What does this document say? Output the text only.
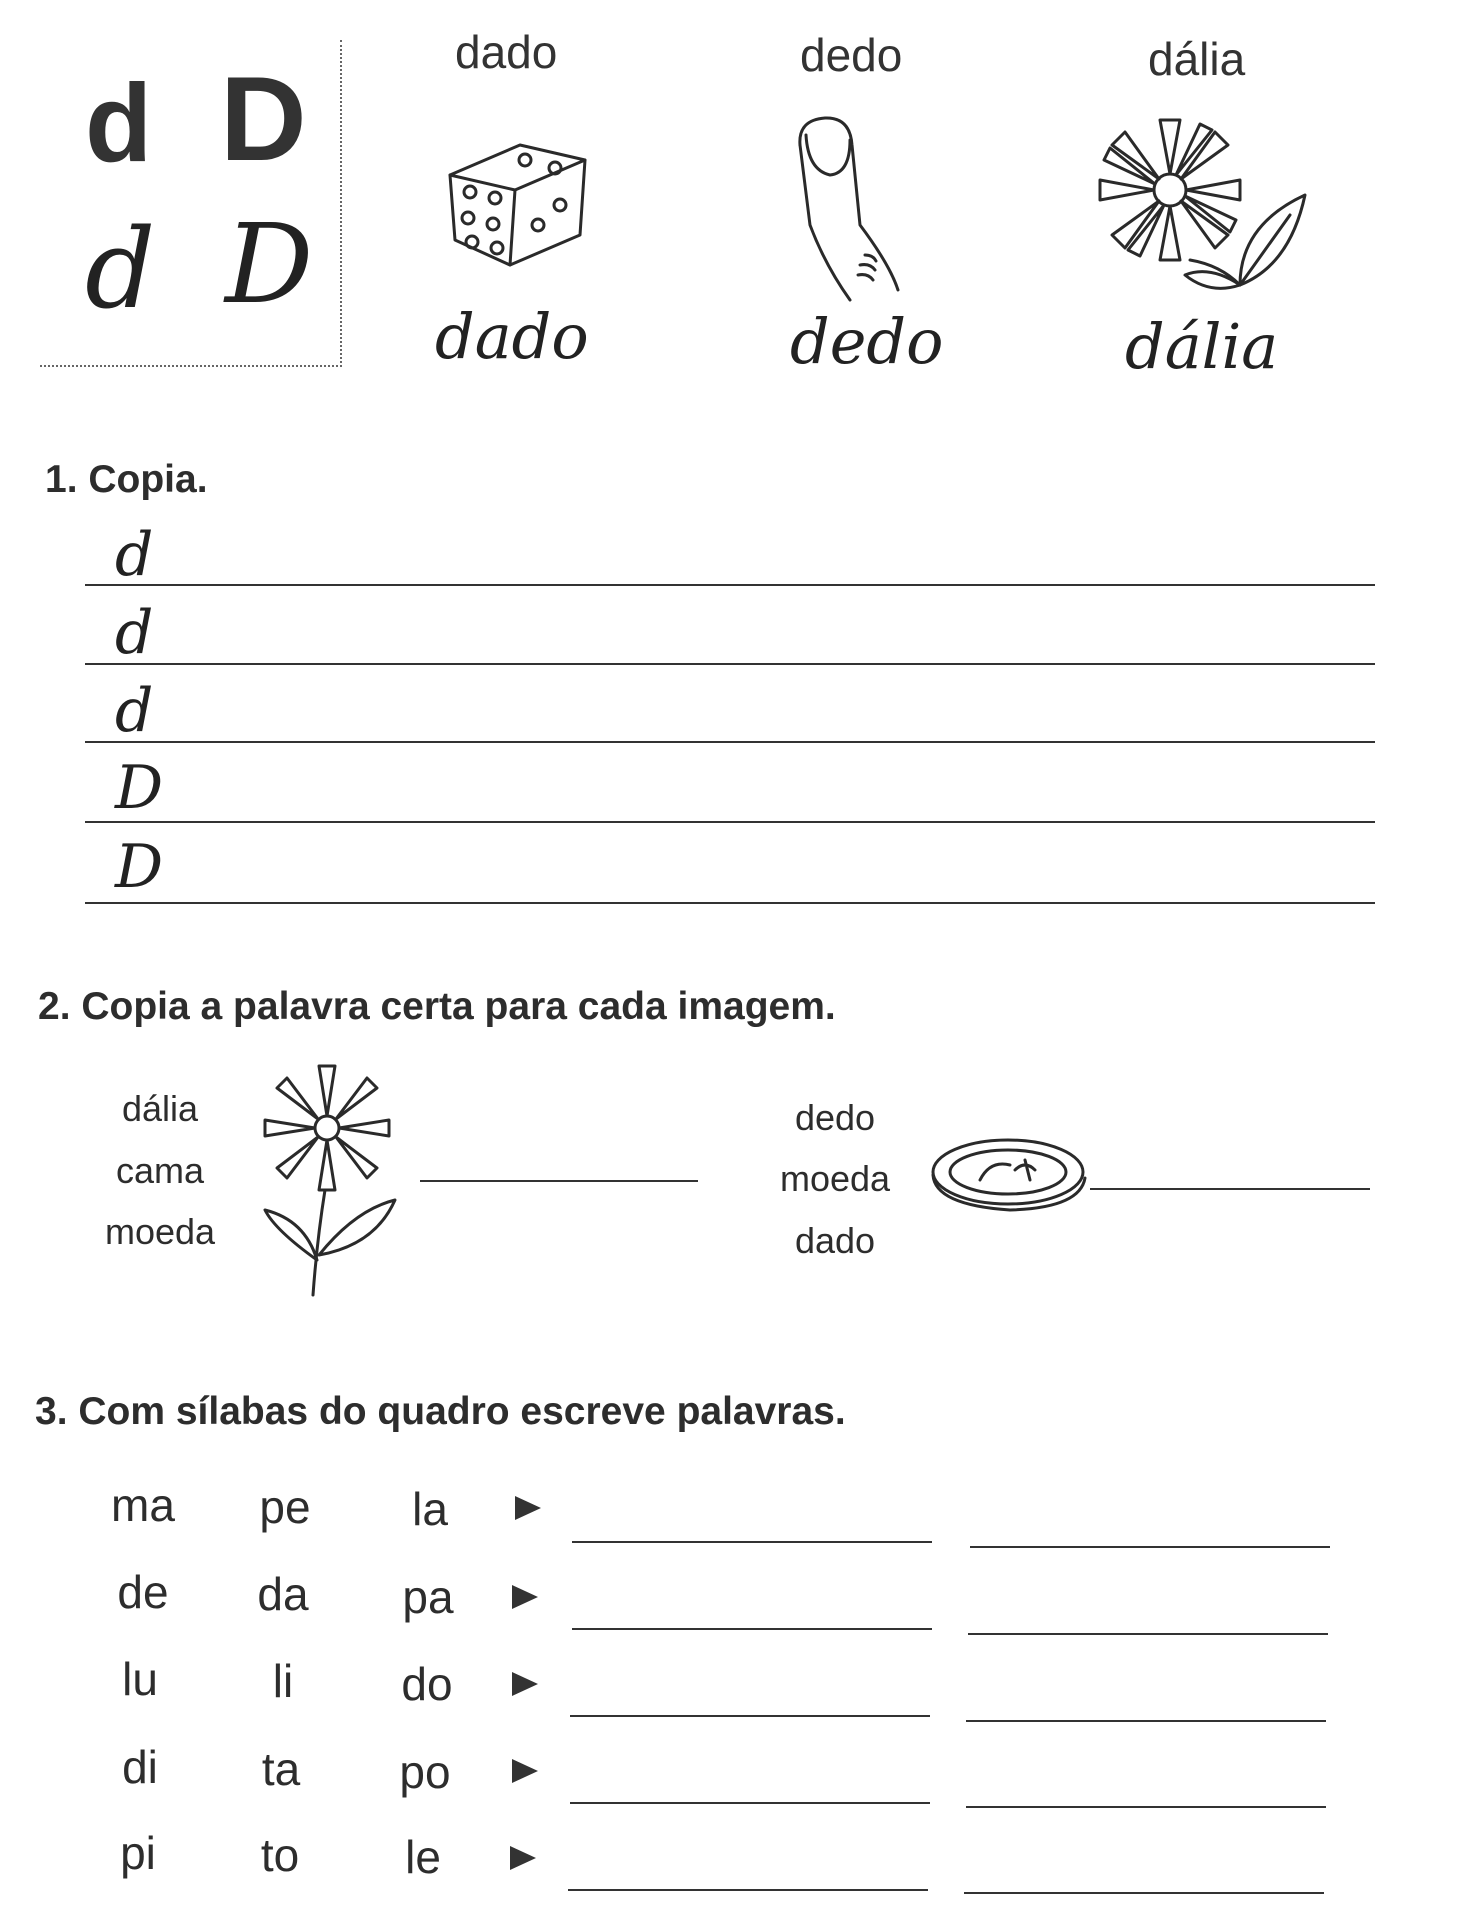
d D
d D
dado	dedo	dália
dado	dedo	dália
1. Copia.
d
d
d
D
D
2. Copia a palavra certa para cada imagem.
dália
cama
moeda
dedo
moeda
dado
3. Com sílabas do quadro escreve palavras.
ma	pe	la
de	da	pa
lu	li	do
di	ta	po
pi	to	le
